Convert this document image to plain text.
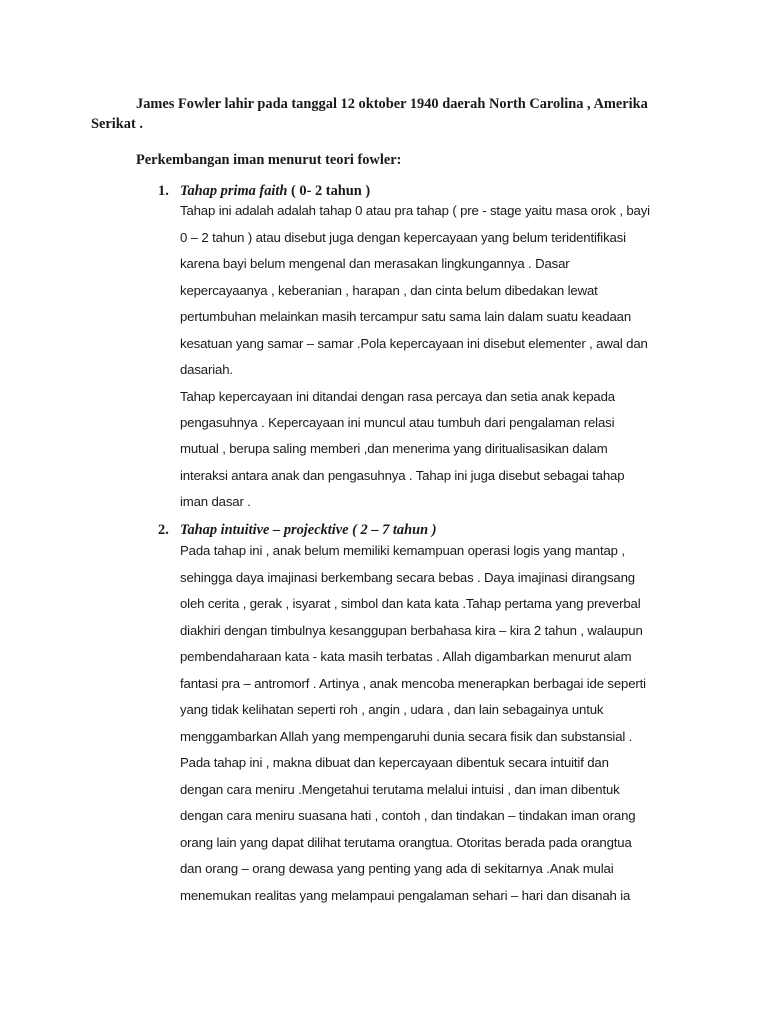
James Fowler lahir pada tanggal 12 oktober 1940 daerah North Carolina , Amerika Serikat .

Perkembangan iman menurut teori fowler:

1. Tahap prima faith ( 0- 2 tahun )

Tahap ini adalah adalah tahap 0 atau pra tahap ( pre - stage yaitu masa orok , bayi
0 – 2 tahun ) atau disebut juga dengan kepercayaan yang belum teridentifikasi
karena bayi belum mengenal dan merasakan lingkungannya . Dasar
kepercayaanya , keberanian , harapan , dan cinta belum dibedakan lewat
pertumbuhan melainkan masih tercampur satu sama lain dalam suatu keadaan
kesatuan yang samar – samar .Pola kepercayaan ini disebut elementer , awal dan
dasariah.
Tahap kepercayaan ini ditandai dengan rasa percaya dan setia anak kepada
pengasuhnya . Kepercayaan ini muncul atau tumbuh dari pengalaman relasi
mutual , berupa saling memberi ,dan menerima yang diritualisasikan dalam
interaksi antara anak dan pengasuhnya . Tahap ini juga disebut sebagai tahap
iman dasar .

2. Tahap intuitive – projecktive ( 2 – 7 tahun )

Pada tahap ini , anak belum memiliki kemampuan operasi logis yang mantap ,
sehingga daya imajinasi berkembang secara bebas . Daya imajinasi dirangsang
oleh cerita , gerak , isyarat , simbol dan kata kata .Tahap pertama yang preverbal
diakhiri dengan timbulnya kesanggupan berbahasa kira – kira 2 tahun , walaupun
pembendaharaan kata - kata masih terbatas . Allah digambarkan menurut alam
fantasi pra – antromorf . Artinya , anak mencoba menerapkan berbagai ide seperti
yang tidak kelihatan seperti roh , angin , udara , dan lain sebagainya untuk
menggambarkan Allah yang mempengaruhi dunia secara fisik dan substansial .
Pada tahap ini , makna dibuat dan kepercayaan dibentuk secara intuitif dan
dengan cara meniru .Mengetahui terutama melalui intuisi , dan iman dibentuk
dengan cara meniru suasana hati , contoh , dan tindakan – tindakan iman orang
orang lain yang dapat dilihat terutama orangtua. Otoritas berada pada orangtua
dan orang – orang dewasa yang penting yang ada di sekitarnya .Anak mulai
menemukan realitas yang melampaui pengalaman sehari – hari dan disanah ia
